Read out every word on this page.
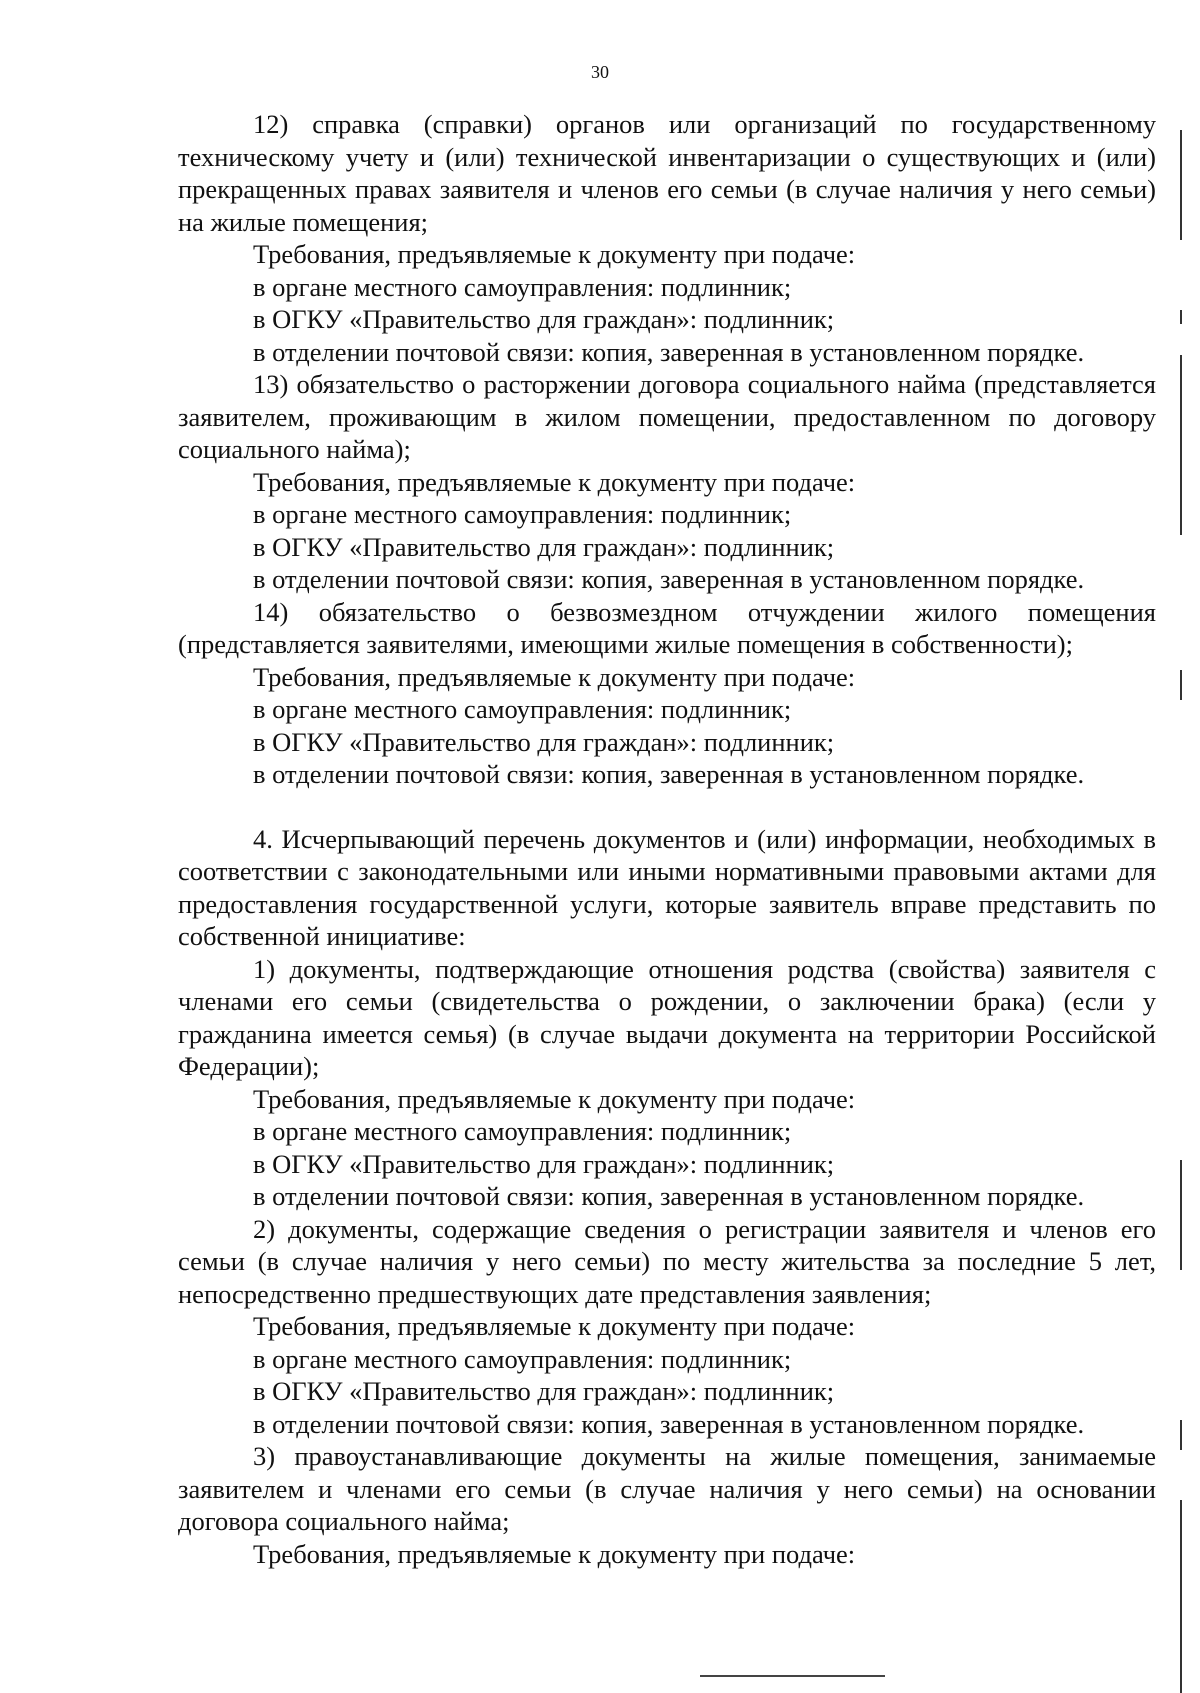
30

12) справка (справки) органов или организаций по государственному техническому учету и (или) технической инвентаризации о существующих и (или) прекращенных правах заявителя и членов его семьи (в случае наличия у него семьи) на жилые помещения;

Требования, предъявляемые к документу при подаче:

в органе местного самоуправления: подлинник;

в ОГКУ «Правительство для граждан»: подлинник;

в отделении почтовой связи: копия, заверенная в установленном порядке.

13) обязательство о расторжении договора социального найма (представляется заявителем, проживающим в жилом помещении, предоставленном по договору социального найма);

Требования, предъявляемые к документу при подаче:

в органе местного самоуправления: подлинник;

в ОГКУ «Правительство для граждан»: подлинник;

в отделении почтовой связи: копия, заверенная в установленном порядке.

14) обязательство о безвозмездном отчуждении жилого помещения (представляется заявителями, имеющими жилые помещения в собственности);

Требования, предъявляемые к документу при подаче:

в органе местного самоуправления: подлинник;

в ОГКУ «Правительство для граждан»: подлинник;

в отделении почтовой связи: копия, заверенная в установленном порядке.

4. Исчерпывающий перечень документов и (или) информации, необходимых в соответствии с законодательными или иными нормативными правовыми актами для предоставления государственной услуги, которые заявитель вправе представить по собственной инициативе:

1) документы, подтверждающие отношения родства (свойства) заявителя с членами его семьи (свидетельства о рождении, о заключении брака) (если у гражданина имеется семья) (в случае выдачи документа на территории Российской Федерации);

Требования, предъявляемые к документу при подаче:

в органе местного самоуправления: подлинник;

в ОГКУ «Правительство для граждан»: подлинник;

в отделении почтовой связи: копия, заверенная в установленном порядке.

2) документы, содержащие сведения о регистрации заявителя и членов его семьи (в случае наличия у него семьи) по месту жительства за последние 5 лет, непосредственно предшествующих дате представления заявления;

Требования, предъявляемые к документу при подаче:

в органе местного самоуправления: подлинник;

в ОГКУ «Правительство для граждан»: подлинник;

в отделении почтовой связи: копия, заверенная в установленном порядке.

3) правоустанавливающие документы на жилые помещения, занимаемые заявителем и членами его семьи (в случае наличия у него семьи) на основании договора социального найма;

Требования, предъявляемые к документу при подаче:
